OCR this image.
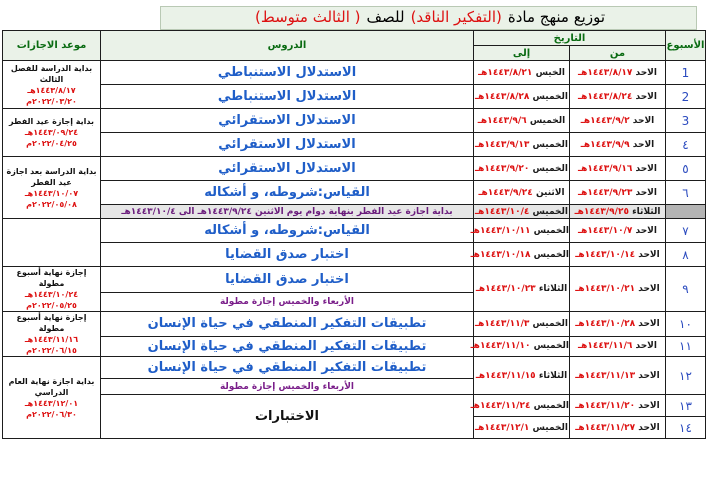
توزيع منهج مادة
(التفكير الناقد)
للصف
( الثالث متوسط)
الأسبوع	التاريخ		الدروس	موعد الاجازات
	من	إلى		
1	الاحد ١٤٤٣/٨/١٧هـ	الخيس ١٤٤٣/٨/٢١هـ	الاستدلال الاستنباطي	بداية الدراسة للفصل الثالث
١٤٤٣/٨/١٧هـ
٢٠٢٢/٠٣/٢٠م

2	الاحد ١٤٤٣/٨/٢٤هـ	الخميس ١٤٤٣/٨/٢٨هـ	الاستدلال الاستنباطي	
3	الاحد ١٤٤٣/٩/٢هـ	الخميس ١٤٤٣/٩/٦هـ	الاستدلال الاستقرائي	بداية إجازة عيد الفطر
١٤٤٣/٠٩/٢٤هـ
٢٠٢٢/٠٤/٢٥م

٤	الاحد ١٤٤٣/٩/٩هـ	الخميس ١٤٤٣/٩/١٣هـ	الاستدلال الاستقرائي	
٥	الاحد ١٤٤٣/٩/١٦هـ	الخميس ١٤٤٣/٩/٢٠هـ	الاستدلال الاستقرائي	بداية الدراسة بعد اجازة عيد الفطر
١٤٤٣/١٠/٠٧هـ
٢٠٢٢/٠٥/٠٨م

٦	الاحد ١٤٤٣/٩/٢٣هـ	الاثنين ١٤٤٣/٩/٢٤هـ	القياس:شروطه، و أشكاله	
	الثلاثاء ١٤٤٣/٩/٢٥هـ	الخميس ١٤٤٣/١٠/٤هـ	بداية اجازة عيد الفطر بنهاية دوام يوم الاثنين ١٤٤٣/٩/٢٤هـ الى ١٤٤٣/١٠/٤هـ	
٧	الاحد ١٤٤٣/١٠/٧هـ	الخميس ١٤٤٣/١٠/١١هـ	القياس:شروطه، و أشكاله	
٨	الاحد ١٤٤٣/١٠/١٤هـ	الخميس ١٤٤٣/١٠/١٨هـ	اختبار صدق القضايا	
٩	الاحد ١٤٤٣/١٠/٢١هـ	الثلاثاء ١٤٤٣/١٠/٢٣هـ	اختبار صدق القضايا	إجازة نهاية أسبوع مطولة
١٤٤٣/١٠/٢٤هـ
٢٠٢٢/٠٥/٢٥م

			الأربعاء والخميس إجازة مطولة	
١٠	الاحد ١٤٤٣/١٠/٢٨هـ	الخميس ١٤٤٣/١١/٣هـ	تطبيقات التفكير المنطقي في حياة الإنسان	إجازة نهاية أسبوع مطولة
١٤٤٣/١١/١٦هـ
٢٠٢٢/٠٦/١٥م

١١	الاحد ١٤٤٣/١١/٦هـ	الخميس ١٤٤٣/١١/١٠هـ	تطبيقات التفكير المنطقي في حياة الإنسان	
١٢	الاحد ١٤٤٣/١١/١٣هـ	الثلاثاء ١٤٤٣/١١/١٥هـ	تطبيقات التفكير المنطقي في حياة الإنسان	بداية اجازة نهاية العام الدراسي
١٤٤٣/١٢/٠١هـ
٢٠٢٢/٠٦/٣٠م

			الأربعاء والخميس إجازة مطولة	
١٣	الاحد ١٤٤٣/١١/٢٠هـ	الخميس ١٤٤٣/١١/٢٤هـ	الاختبارات	
١٤	الاحد ١٤٤٣/١١/٢٧هـ	الخميس ١٤٤٣/١٢/١هـ		
